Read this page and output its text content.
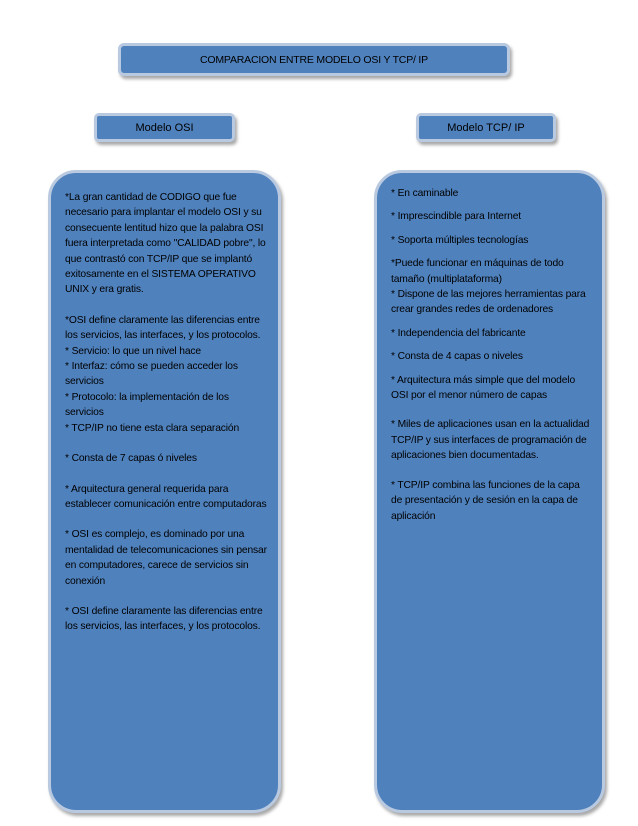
COMPARACION ENTRE MODELO OSI Y TCP/ IP
Modelo OSI	Modelo TCP/ IP

*La gran cantidad de CODIGO que fue necesario para implantar el modelo OSI y su consecuente lentitud hizo que la palabra OSI fuera interpretada como "CALIDAD pobre", lo que contrastó con TCP/IP que se implantó exitosamente en el SISTEMA OPERATIVO UNIX y era gratis.

*OSI define claramente las diferencias entre los servicios, las interfaces, y los protocolos.
* Servicio: lo que un nivel hace
* Interfaz: cómo se pueden acceder los servicios
* Protocolo: la implementación de los servicios
* TCP/IP no tiene esta clara separación

* Consta de 7 capas ó niveles

* Arquitectura general requerida para establecer comunicación entre computadoras

* OSI es complejo, es dominado por una mentalidad de telecomunicaciones sin pensar en computadores, carece de servicios sin conexión

* OSI define claramente las diferencias entre los servicios, las interfaces, y los protocolos.

* En caminable

* Imprescindible para Internet

* Soporta múltiples tecnologías

*Puede funcionar en máquinas de todo tamaño (multiplataforma)
* Dispone de las mejores herramientas para crear grandes redes de ordenadores

* Independencia del fabricante

* Consta de 4 capas o niveles

* Arquitectura más simple que del modelo OSI por el menor número de capas

* Miles de aplicaciones usan en la actualidad TCP/IP y sus interfaces de programación de aplicaciones bien documentadas.

* TCP/IP combina las funciones de la capa de presentación y de sesión en la capa de aplicación
